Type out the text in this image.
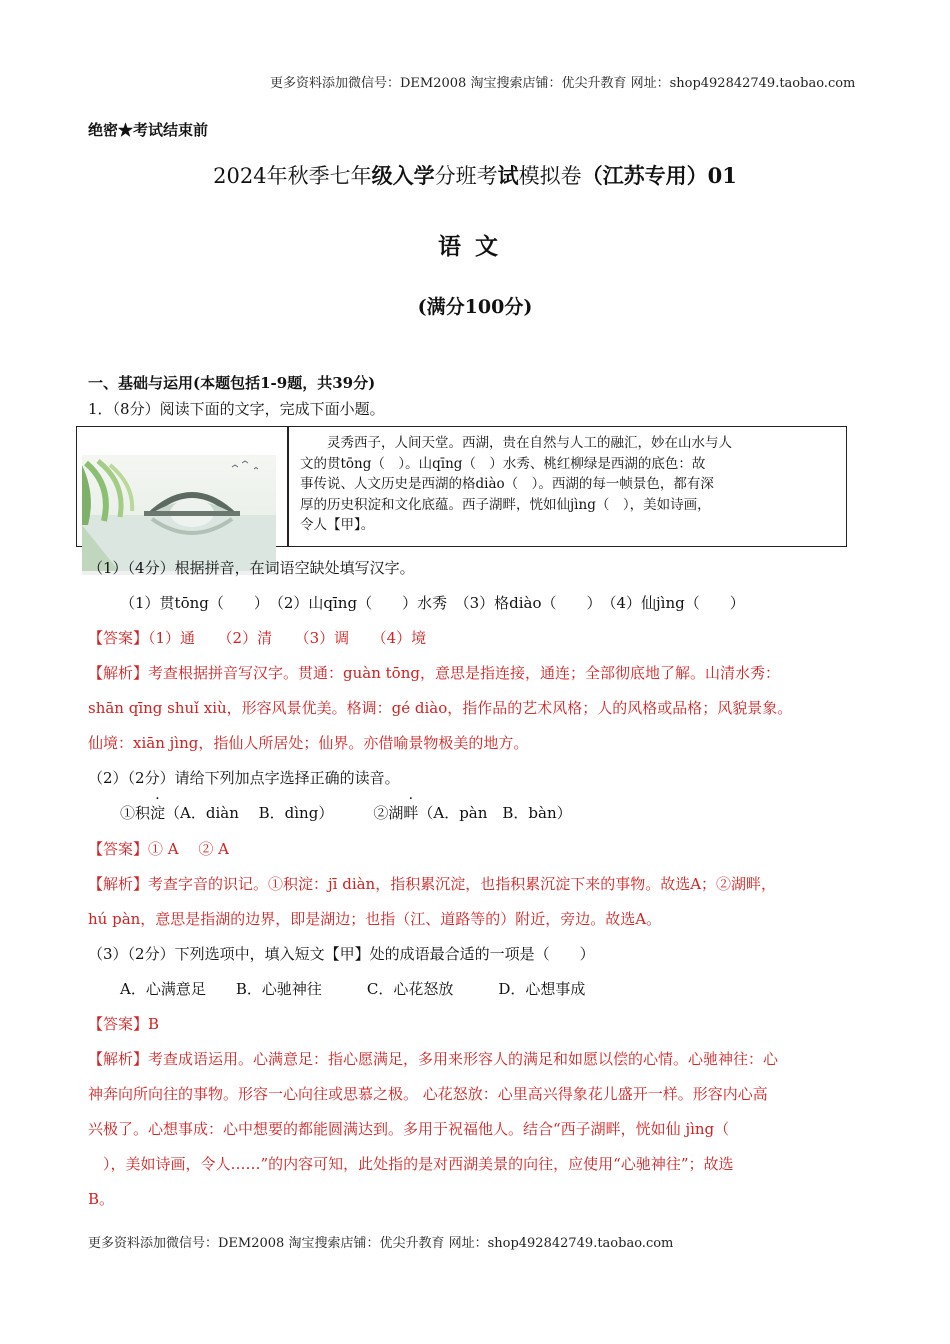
更多资料添加微信号：DEM2008 淘宝搜索店铺：优尖升教育 网址：shop492842749.taobao.com
绝密★考试结束前
2024年秋季七年级入学分班考试模拟卷（江苏专用）01
语文
(满分100分)
一、基础与运用(本题包括1-9题，共39分)
1．（8分）阅读下面的文字，完成下面小题。

　　灵秀西子，人间天堂。西湖，贵在自然与人工的融汇，妙在山水与人

文的贯tōng（　）。山qīng（　）水秀、桃红柳绿是西湖的底色：故

事传说、人文历史是西湖的格diào（　）。西湖的每一帧景色，都有深

厚的历史积淀和文化底蕴。西子湖畔，恍如仙jìng（　），美如诗画，

令人【甲】。

（1）（4分）根据拼音，在词语空缺处填写汉字。
（1）贯tōng（　　）　（2）山qīng（　　）水秀　（3）格diào（　　）　（4）仙jìng（　　）
【答案】（1）通　　（2）清　　（3）调　　（4）境
【解析】考查根据拼音写汉字。贯通：guàn tōng，意思是指连接，通连；全部彻底地了解。山清水秀：
shān qīng shuǐ xiù，形容风景优美。格调：gé diào，指作品的艺术风格；人的风格或品格；风貌景象。
仙境：xiān jìng，指仙人所居处；仙界。亦借喻景物极美的地方。
（2）（2分）请给下列加点字选择正确的读音。
①积淀（A．diàn　 B．dìng）	②湖畔（A．pàn　B．bàn）
【答案】① A　 ② A
【解析】考查字音的识记。①积淀：jī diàn，指积累沉淀，也指积累沉淀下来的事物。故选A；②湖畔，
hú pàn，意思是指湖的边界，即是湖边；也指（江、道路等的）附近，旁边。故选A。
（3）（2分）下列选项中，填入短文【甲】处的成语最合适的一项是（　　）
A．心满意足　　B．心驰神往　　　C．心花怒放　　　D．心想事成
【答案】B
【解析】考查成语运用。心满意足：指心愿满足，多用来形容人的满足和如愿以偿的心情。心驰神往：心
神奔向所向往的事物。形容一心向往或思慕之极。 心花怒放：心里高兴得象花儿盛开一样。形容内心高
兴极了。心想事成：心中想要的都能圆满达到。多用于祝福他人。结合“西子湖畔，恍如仙 jìng（
　），美如诗画，令人……”的内容可知，此处指的是对西湖美景的向往，应使用“心驰神往”；故选
B。
更多资料添加微信号：DEM2008 淘宝搜索店铺：优尖升教育 网址：shop492842749.taobao.com
